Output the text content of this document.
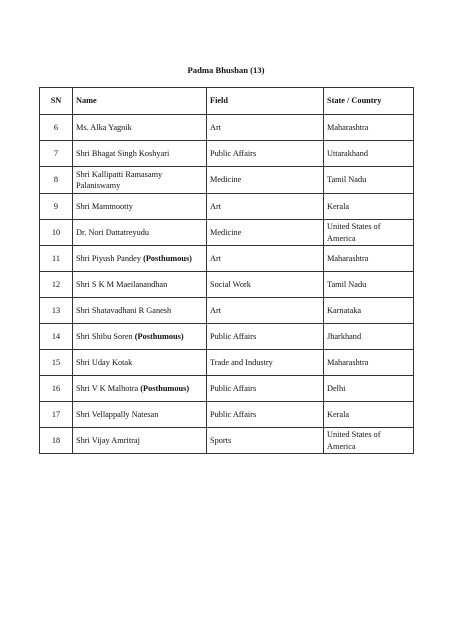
Padma Bhushan (13)
SN	Name	Field	State / Country
6	Ms. Alka Yagnik	Art	Maharashtra
7	Shri Bhagat Singh Koshyari	Public Affairs	Uttarakhand
8	Shri Kallipatti Ramasamy Palaniswamy	Medicine	Tamil Nadu
9	Shri Mammootty	Art	Kerala
10	Dr. Nori Dattatreyudu	Medicine	United States of America
11	Shri Piyush Pandey (Posthumous)	Art	Maharashtra
12	Shri S K M Maeilanandhan	Social Work	Tamil Nadu
13	Shri Shatavadhani R Ganesh	Art	Karnataka
14	Shri Shibu Soren (Posthumous)	Public Affairs	Jharkhand
15	Shri Uday Kotak	Trade and Industry	Maharashtra
16	Shri V K Malhotra (Posthumous)	Public Affairs	Delhi
17	Shri Vellappally Natesan	Public Affairs	Kerala
18	Shri Vijay Amritraj	Sports	United States of America
